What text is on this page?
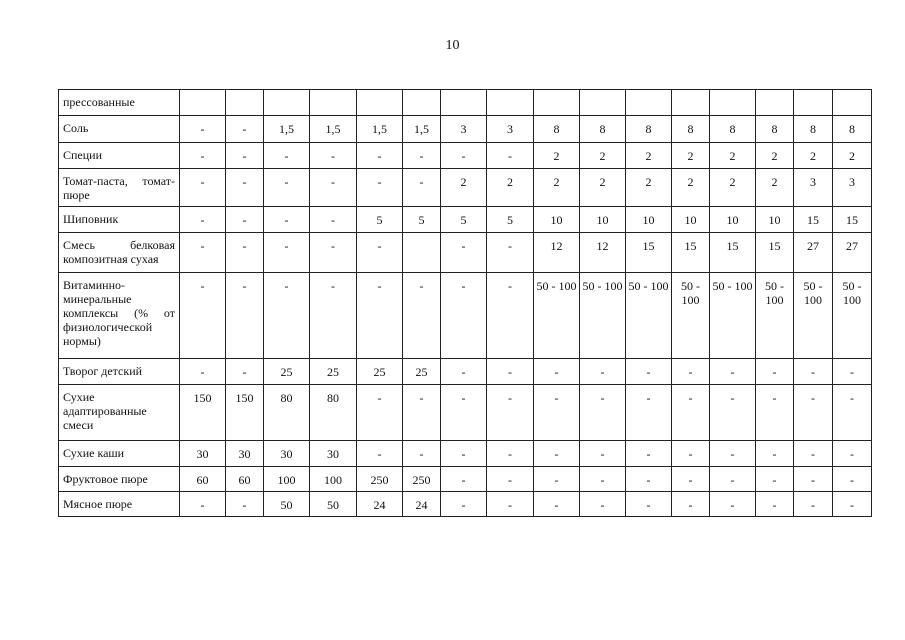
10
прессованные																
Соль	-	-	1,5	1,5	1,5	1,5	3	3	8	8	8	8	8	8	8	8
Специи	-	-	-	-	-	-	-	-	2	2	2	2	2	2	2	2
Томат-паста, томат-пюре	-	-	-	-	-	-	2	2	2	2	2	2	2	2	3	3
Шиповник	-	-	-	-	5	5	5	5	10	10	10	10	10	10	15	15
Смесь белковая композитная сухая	-	-	-	-	-		-	-	12	12	15	15	15	15	27	27
Витаминно-минеральные комплексы (% от физиологической нормы)	-	-	-	-	-	-	-	-	50 - 100	50 - 100	50 - 100	50 - 100	50 - 100	50 - 100	50 - 100	50 - 100
Творог детский	-	-	25	25	25	25	-	-	-	-	-	-	-	-	-	-
Сухие адаптированные смеси	150	150	80	80	-	-	-	-	-	-	-	-	-	-	-	-
Сухие каши	30	30	30	30	-	-	-	-	-	-	-	-	-	-	-	-
Фруктовое пюре	60	60	100	100	250	250	-	-	-	-	-	-	-	-	-	-
Мясное пюре	-	-	50	50	24	24	-	-	-	-	-	-	-	-	-	-
